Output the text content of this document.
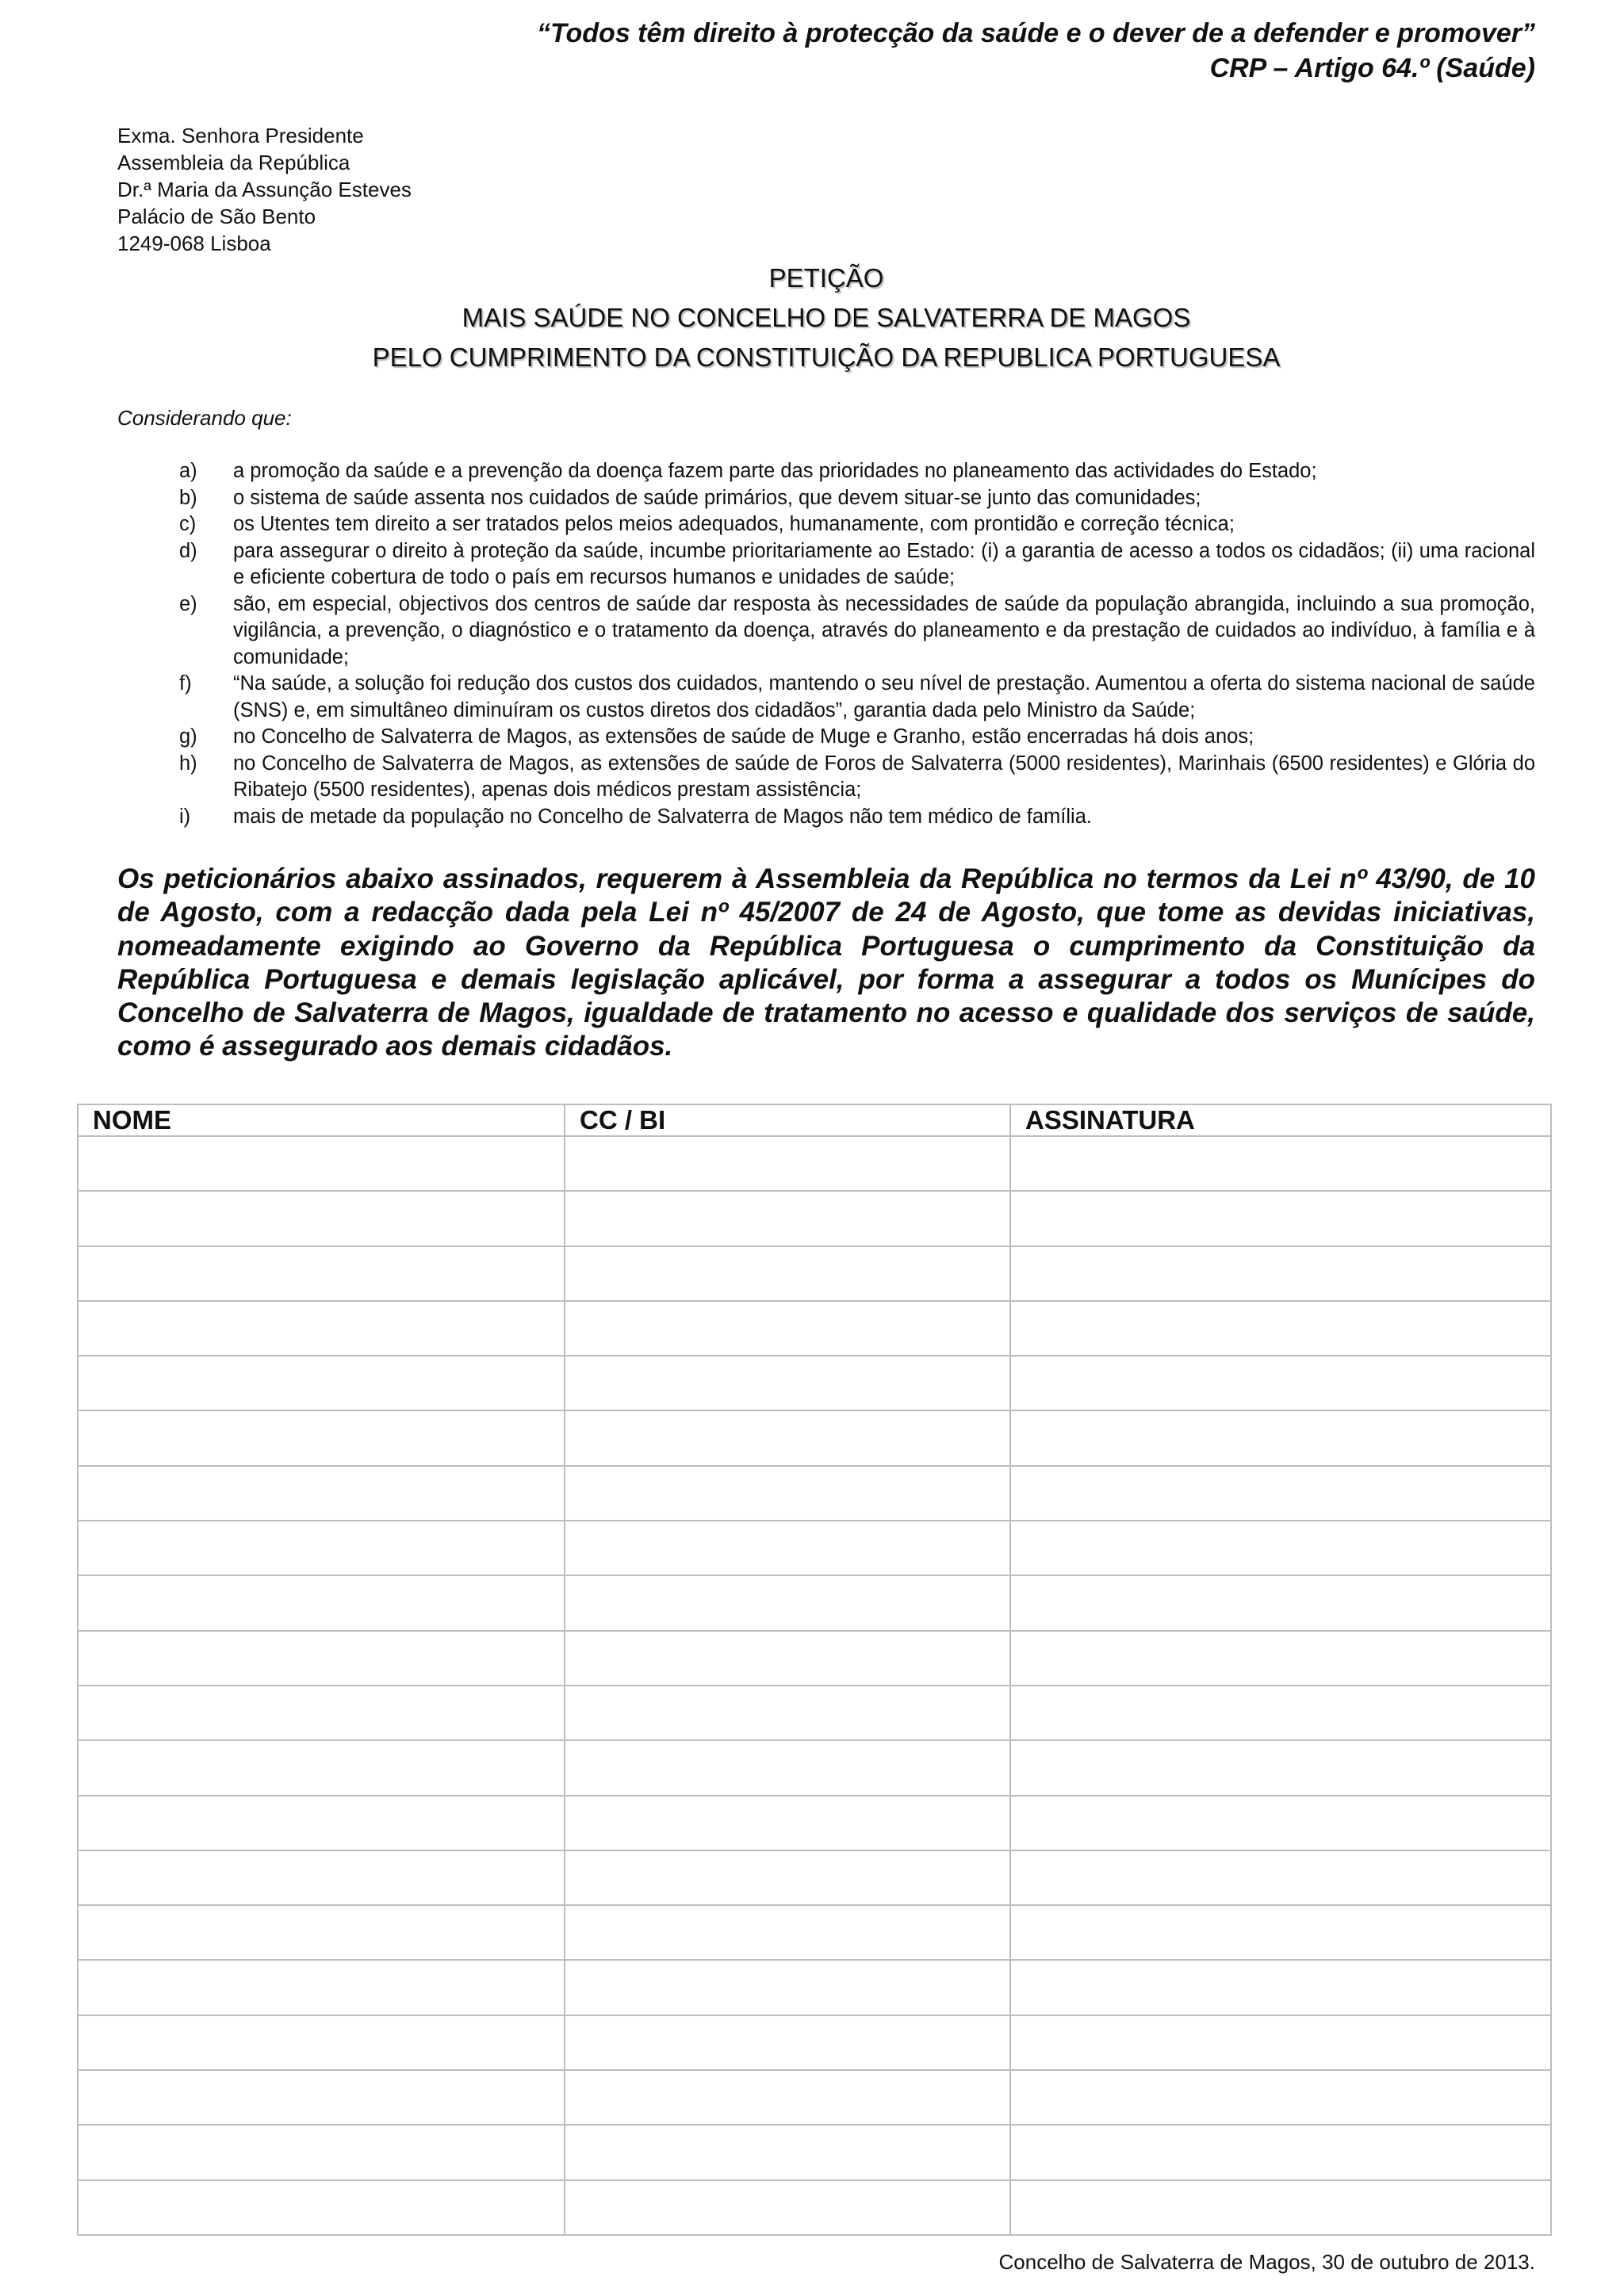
“Todos têm direito à protecção da saúde e o dever de a defender e promover”
CRP – Artigo 64.º (Saúde)
Exma. Senhora Presidente
Assembleia da República
Dr.ª Maria da Assunção Esteves
Palácio de São Bento
1249-068 Lisboa
PETIÇÃO
MAIS SAÚDE NO CONCELHO DE SALVATERRA DE MAGOS
PELO CUMPRIMENTO DA CONSTITUIÇÃO DA REPUBLICA PORTUGUESA
Considerando que:
a)	a promoção da saúde e a prevenção da doença fazem parte das prioridades no planeamento das actividades do Estado;
b)	o sistema de saúde assenta nos cuidados de saúde primários, que devem situar-se junto das comunidades;
c)	os Utentes tem direito a ser tratados pelos meios adequados, humanamente, com prontidão e correção técnica;
d)	para assegurar o direito à proteção da saúde, incumbe prioritariamente ao Estado: (i) a garantia de acesso a todos os cidadãos; (ii) uma racional e eficiente cobertura de todo o país em recursos humanos e unidades de saúde;
e)	são, em especial, objectivos dos centros de saúde dar resposta às necessidades de saúde da população abrangida, incluindo a sua promoção, vigilância, a prevenção, o diagnóstico e o tratamento da doença, através do planeamento e da prestação de cuidados ao indivíduo, à família e à comunidade;
f)	“Na saúde, a solução foi redução dos custos dos cuidados, mantendo o seu nível de prestação. Aumentou a oferta do sistema nacional de saúde (SNS) e, em simultâneo diminuíram os custos diretos dos cidadãos”, garantia dada pelo Ministro da Saúde;
g)	no Concelho de Salvaterra de Magos, as extensões de saúde de Muge e Granho, estão encerradas há dois anos;
h)	no Concelho de Salvaterra de Magos, as extensões de saúde de Foros de Salvaterra (5000 residentes), Marinhais (6500 residentes) e Glória do Ribatejo (5500 residentes), apenas dois médicos prestam assistência;
i)	mais de metade da população no Concelho de Salvaterra de Magos não tem médico de família.
Os peticionários abaixo assinados, requerem à Assembleia da República no termos da Lei nº 43/90, de 10 de Agosto, com a redacção dada pela Lei nº 45/2007 de 24 de Agosto, que tome as devidas iniciativas, nomeadamente exigindo ao Governo da República Portuguesa o cumprimento da Constituição da República Portuguesa e demais legislação aplicável, por forma a assegurar a todos os Munícipes do Concelho de Salvaterra de Magos, igualdade de tratamento no acesso e qualidade dos serviços de saúde, como é assegurado aos demais cidadãos.
NOME	CC / BI	ASSINATURA

Concelho de Salvaterra de Magos, 30 de outubro de 2013.
